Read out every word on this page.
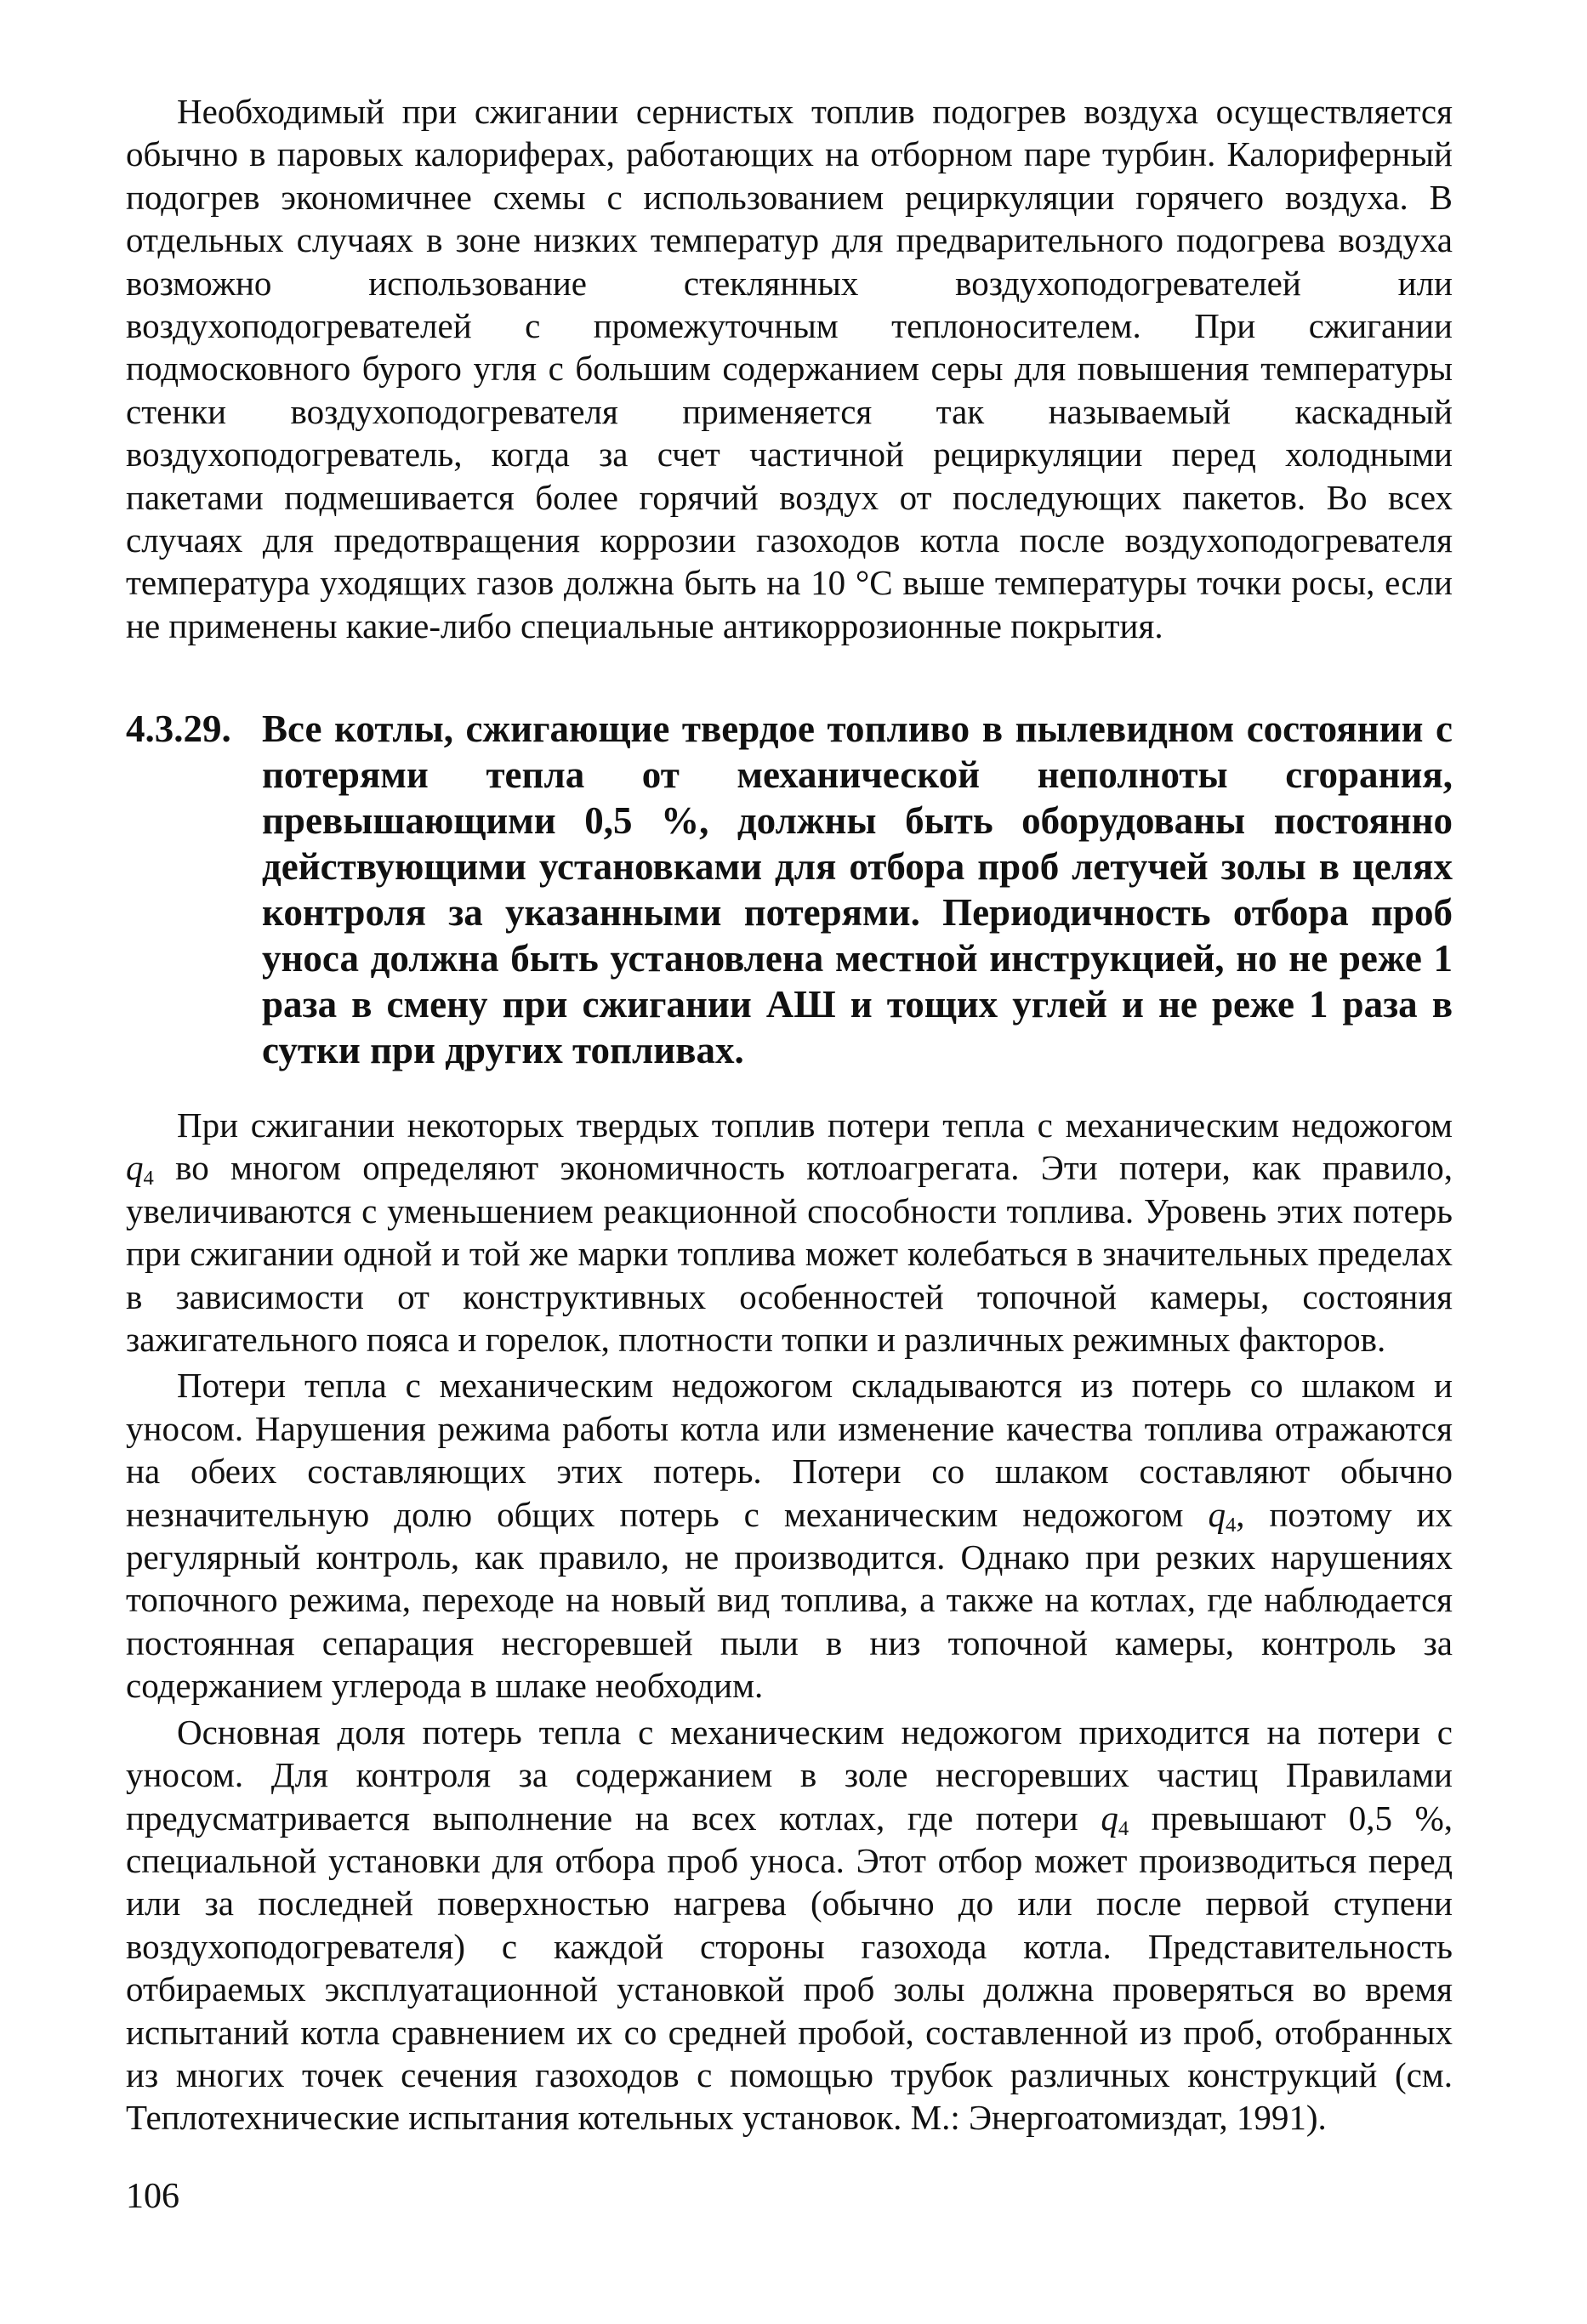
Необходимый при сжигании сернистых топлив подогрев воздуха осуществляется обычно в паровых калориферах, работающих на отборном паре турбин. Калориферный подогрев экономичнее схемы с использованием рециркуляции горячего воздуха. В отдельных случаях в зоне низких температур для предварительного подогрева воздуха возможно использование стеклянных воздухоподогревателей или воздухоподогревателей с промежуточным теплоносителем. При сжигании подмосковного бурого угля с большим содержанием серы для повышения температуры стенки воздухоподогревателя применяется так называемый каскадный воздухоподогреватель, когда за счет частичной рециркуляции перед холодными пакетами подмешивается более горячий воздух от последующих пакетов. Во всех случаях для предотвращения коррозии газоходов котла после воздухоподогревателя температура уходящих газов должна быть на 10 °С выше температуры точки росы, если не применены какие-либо специальные антикоррозионные покрытия.

4.3.29. Все котлы, сжигающие твердое топливо в пылевидном состоянии с потерями тепла от механической неполноты сгорания, превышающими 0,5 %, должны быть оборудованы постоянно действующими установками для отбора проб летучей золы в целях контроля за указанными потерями. Периодичность отбора проб уноса должна быть установлена местной инструкцией, но не реже 1 раза в смену при сжигании АШ и тощих углей и не реже 1 раза в сутки при других топливах.

При сжигании некоторых твердых топлив потери тепла с механическим недожогом $q_4$ во многом определяют экономичность котлоагрегата. Эти потери, как правило, увеличиваются с уменьшением реакционной способности топлива. Уровень этих потерь при сжигании одной и той же марки топлива может колебаться в значительных пределах в зависимости от конструктивных особенностей топочной камеры, состояния зажигательного пояса и горелок, плотности топки и различных режимных факторов.

Потери тепла с механическим недожогом складываются из потерь со шлаком и уносом. Нарушения режима работы котла или изменение качества топлива отражаются на обеих составляющих этих потерь. Потери со шлаком составляют обычно незначительную долю общих потерь с механическим недожогом $q_4$, поэтому их регулярный контроль, как правило, не производится. Однако при резких нарушениях топочного режима, переходе на новый вид топлива, а также на котлах, где наблюдается постоянная сепарация несгоревшей пыли в низ топочной камеры, контроль за содержанием углерода в шлаке необходим.

Основная доля потерь тепла с механическим недожогом приходится на потери с уносом. Для контроля за содержанием в золе несгоревших частиц Правилами предусматривается выполнение на всех котлах, где потери $q_4$ превышают 0,5 %, специальной установки для отбора проб уноса. Этот отбор может производиться перед или за последней поверхностью нагрева (обычно до или после первой ступени воздухоподогревателя) с каждой стороны газохода котла. Представительность отбираемых эксплуатационной установкой проб золы должна проверяться во время испытаний котла сравнением их со средней пробой, составленной из проб, отобранных из многих точек сечения газоходов с помощью трубок различных конструкций (см. Теплотехнические испытания котельных установок. М.: Энергоатомиздат, 1991).

106
